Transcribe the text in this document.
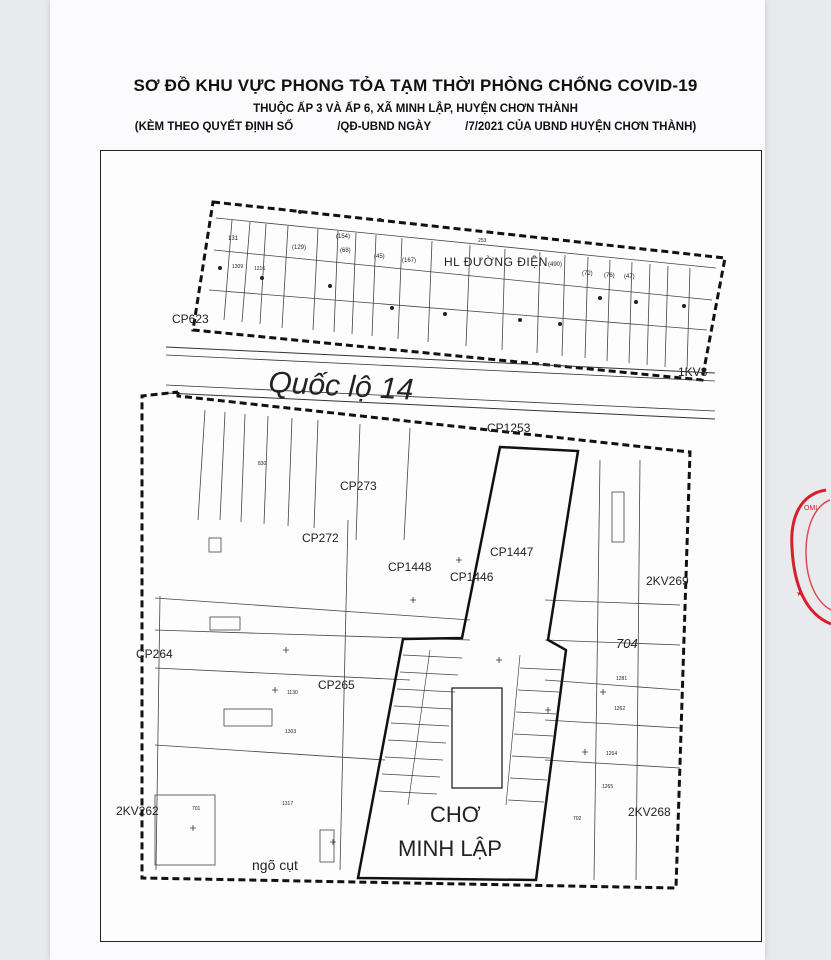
SƠ ĐỒ KHU VỰC PHONG TỎA TẠM THỜI PHÒNG CHỐNG COVID-19

THUỘC ẤP 3 VÀ ẤP 6, XÃ MINH LẬP, HUYỆN CHƠN THÀNH

(KÈM THEO QUYẾT ĐỊNH SỐ	/QĐ-UBND NGÀY	/7/2021 CỦA UBND HUYỆN CHƠN THÀNH)

131	(154)
(129)	(68)
(45)
(167)
(490)
(72) (76) (47)
1309 1216
253
HL ĐƯỜNG ĐIỆN
CP623
1KV8
Quốc lộ 14
830
1130
1303
1317
701
702
1281
1262
1264
1265
CP1253
CP273
CP272
CP1447
CP1448
CP1446	2KV269
704
CP264
CP265
2KV262	2KV268
CHƠ
MINH LẬP
ngõ cụt
OMI
★
